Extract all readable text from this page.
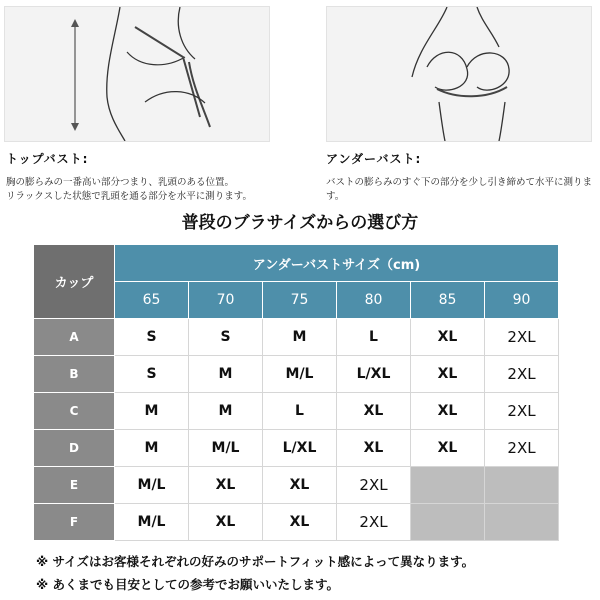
トップバスト:
胸の膨らみの一番高い部分つまり、乳頭のある位置。
リラックスした状態で乳頭を通る部分を水平に測ります。
アンダーバスト:
バストの膨らみのすぐ下の部分を少し引き締めて水平に測ります。
普段のブラサイズからの選び方
カップ	アンダーバストサイズ（cm)					
	65	70	75	80	85	90
A	S	S	M	L	XL	2XL
B	S	M	M/L	L/XL	XL	2XL
C	M	M	L	XL	XL	2XL
D	M	M/L	L/XL	XL	XL	2XL
E	M/L	XL	XL	2XL		
F	M/L	XL	XL	2XL		
※ サイズはお客様それぞれの好みのサポートフィット感によって異なります。
※ あくまでも目安としての参考でお願いいたします。
